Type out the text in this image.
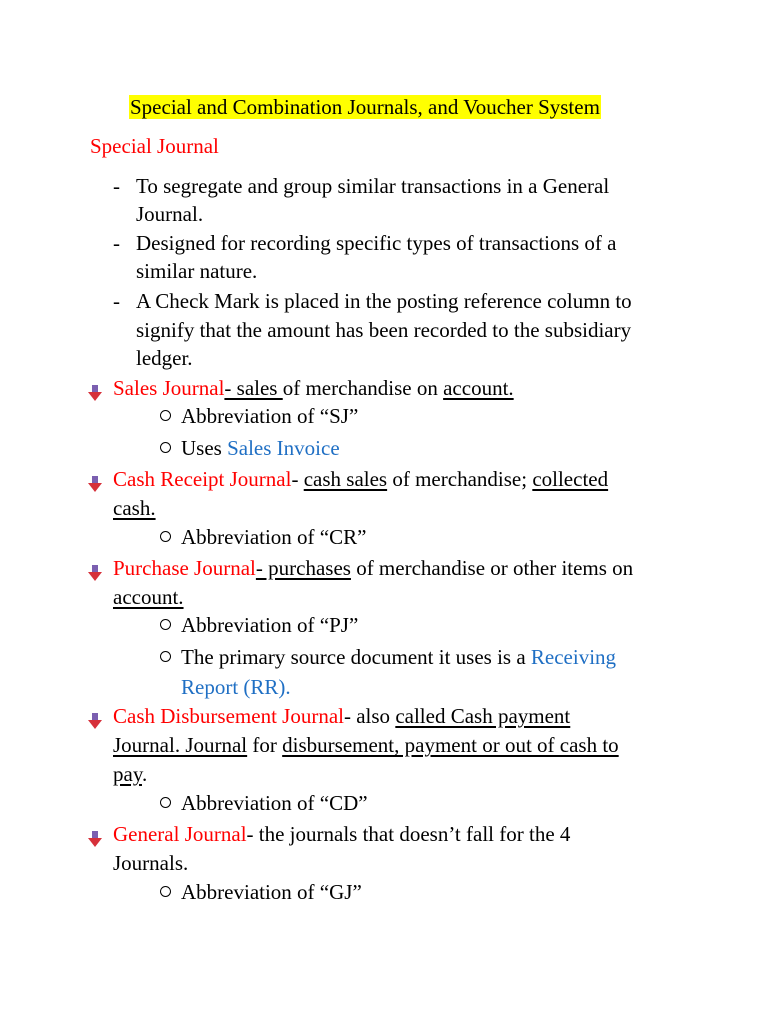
Special and Combination Journals, and Voucher System
Special Journal
- To segregate and group similar transactions in a General
Journal.
- Designed for recording specific types of transactions of a
similar nature.
- A Check Mark is placed in the posting reference column to
signify that the amount has been recorded to the subsidiary
ledger.
Sales Journal- sales of merchandise on account.
Abbreviation of “SJ”
Uses Sales Invoice
Cash Receipt Journal- cash sales of merchandise; collected
cash.
Abbreviation of “CR”
Purchase Journal- purchases of merchandise or other items on
account.
Abbreviation of “PJ”
The primary source document it uses is a Receiving
Report (RR).
Cash Disbursement Journal- also called Cash payment
Journal. Journal for disbursement, payment or out of cash to
pay.
Abbreviation of “CD”
General Journal- the journals that doesn’t fall for the 4
Journals.
Abbreviation of “GJ”
